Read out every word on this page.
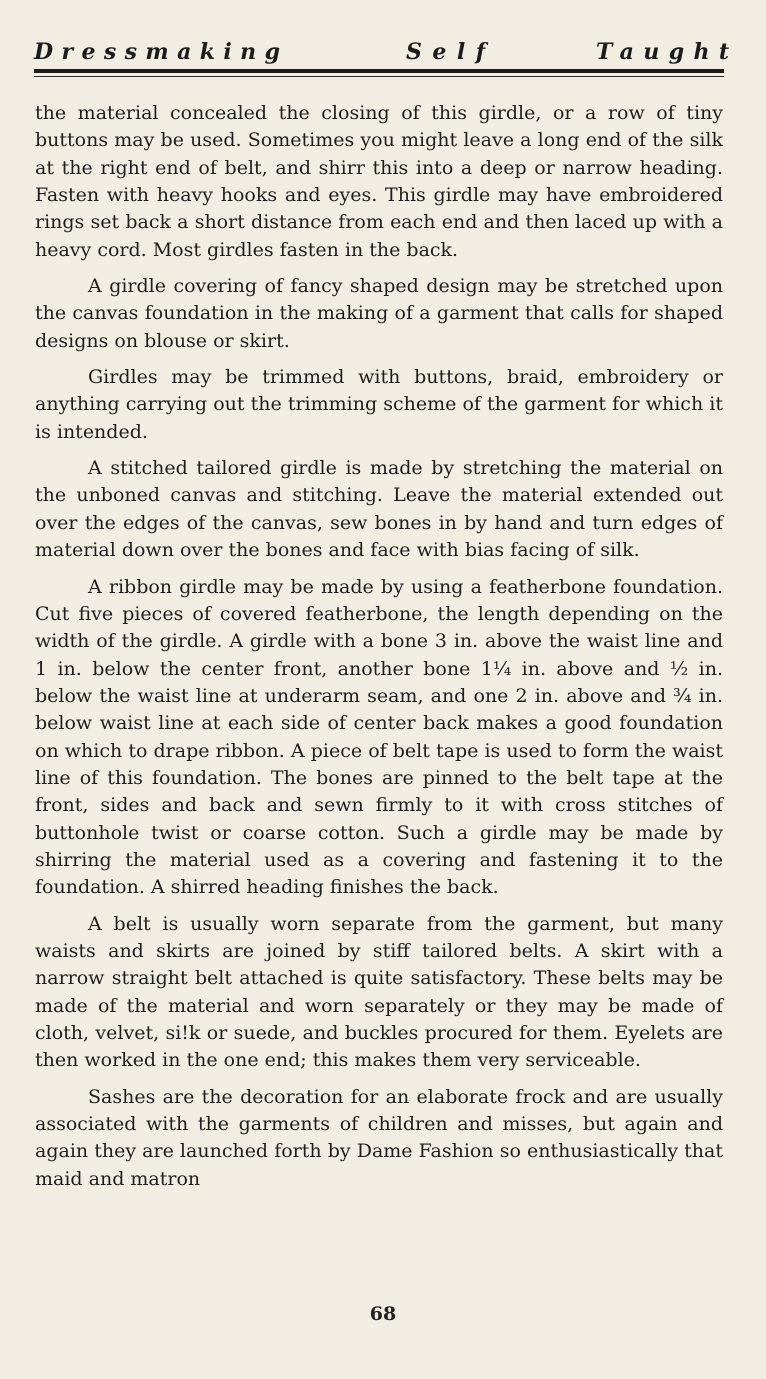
Dressmaking	Self	Taught

the material concealed the closing of this girdle, or a row of tiny buttons may be used. Sometimes you might leave a long end of the silk at the right end of belt, and shirr this into a deep or narrow heading. Fasten with heavy hooks and eyes. This girdle may have embroidered rings set back a short distance from each end and then laced up with a heavy cord. Most girdles fasten in the back.

A girdle covering of fancy shaped design may be stretched upon the canvas foundation in the making of a garment that calls for shaped designs on blouse or skirt.

Girdles may be trimmed with buttons, braid, embroidery or anything carrying out the trimming scheme of the garment for which it is intended.

A stitched tailored girdle is made by stretching the material on the unboned canvas and stitching. Leave the material extended out over the edges of the canvas, sew bones in by hand and turn edges of material down over the bones and face with bias facing of silk.

A ribbon girdle may be made by using a featherbone foundation. Cut five pieces of covered featherbone, the length depending on the width of the girdle. A girdle with a bone 3 in. above the waist line and 1 in. below the center front, another bone 1¼ in. above and ½ in. below the waist line at underarm seam, and one 2 in. above and ¾ in. below waist line at each side of center back makes a good foundation on which to drape ribbon. A piece of belt tape is used to form the waist line of this foundation. The bones are pinned to the belt tape at the front, sides and back and sewn firmly to it with cross stitches of buttonhole twist or coarse cotton. Such a girdle may be made by shirring the material used as a covering and fastening it to the foundation. A shirred heading finishes the back.

A belt is usually worn separate from the garment, but many waists and skirts are joined by stiff tailored belts. A skirt with a narrow straight belt attached is quite satisfactory. These belts may be made of the material and worn separately or they may be made of cloth, velvet, si!k or suede, and buckles procured for them. Eyelets are then worked in the one end; this makes them very serviceable.

Sashes are the decoration for an elaborate frock and are usually associated with the garments of children and misses, but again and again they are launched forth by Dame Fashion so enthusiastically that maid and matron

68
